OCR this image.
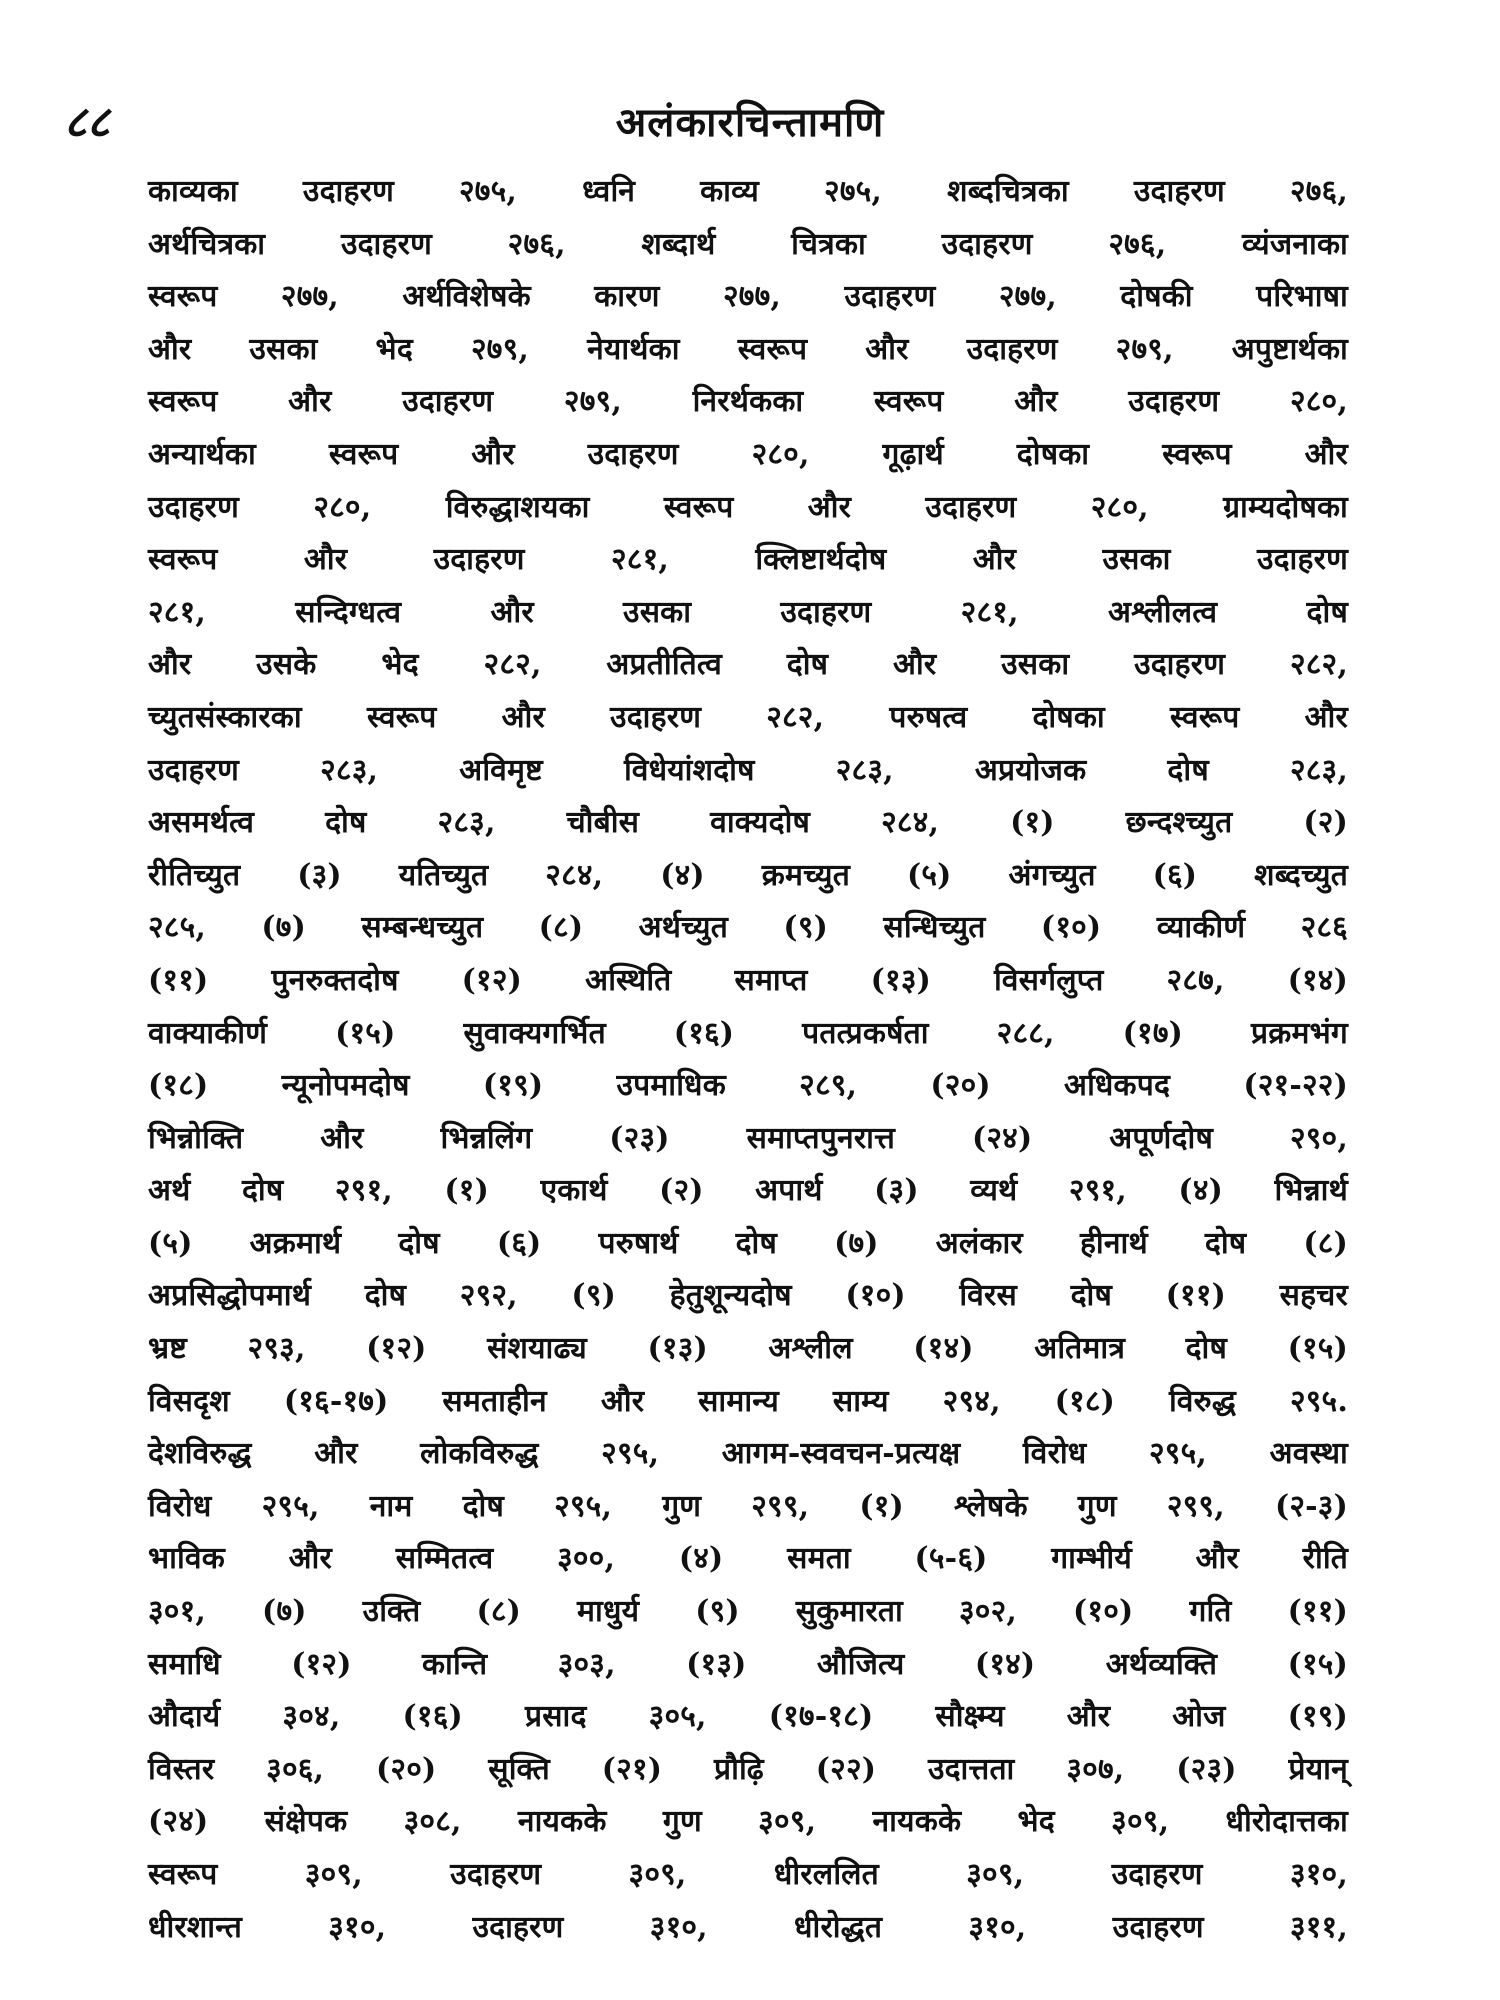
८८	अलंकारचिन्तामणि
काव्यका उदाहरण २७५, ध्वनि काव्य २७५, शब्दचित्रका उदाहरण २७६,
अर्थचित्रका उदाहरण २७६, शब्दार्थ चित्रका उदाहरण २७६, व्यंजनाका
स्वरूप २७७, अर्थविशेषके कारण २७७, उदाहरण २७७, दोषकी परिभाषा
और उसका भेद २७९, नेयार्थका स्वरूप और उदाहरण २७९, अपुष्टार्थका
स्वरूप और उदाहरण २७९, निरर्थकका स्वरूप और उदाहरण २८०,
अन्यार्थका स्वरूप और उदाहरण २८०, गूढ़ार्थ दोषका स्वरूप और
उदाहरण २८०, विरुद्धाशयका स्वरूप और उदाहरण २८०, ग्राम्यदोषका
स्वरूप और उदाहरण २८१, क्लिष्टार्थदोष और उसका उदाहरण
२८१, सन्दिग्धत्व और उसका उदाहरण २८१, अश्लीलत्व दोष
और उसके भेद २८२, अप्रतीतित्व दोष और उसका उदाहरण २८२,
च्युतसंस्कारका स्वरूप और उदाहरण २८२, परुषत्व दोषका स्वरूप और
उदाहरण २८३, अविमृष्ट विधेयांशदोष २८३, अप्रयोजक दोष २८३,
असमर्थत्व दोष २८३, चौबीस वाक्यदोष २८४, (१) छन्दश्च्युत (२)
रीतिच्युत (३) यतिच्युत २८४, (४) क्रमच्युत (५) अंगच्युत (६) शब्दच्युत
२८५, (७) सम्बन्धच्युत (८) अर्थच्युत (९) सन्धिच्युत (१०) व्याकीर्ण २८६
(११) पुनरुक्तदोष (१२) अस्थिति समाप्त (१३) विसर्गलुप्त २८७, (१४)
वाक्याकीर्ण (१५) सुवाक्यगर्भित (१६) पतत्प्रकर्षता २८८, (१७) प्रक्रमभंग
(१८) न्यूनोपमदोष (१९) उपमाधिक २८९, (२०) अधिकपद (२१-२२)
भिन्नोक्ति और भिन्नलिंग (२३) समाप्तपुनरात्त (२४) अपूर्णदोष २९०,
अर्थ दोष २९१, (१) एकार्थ (२) अपार्थ (३) व्यर्थ २९१, (४) भिन्नार्थ
(५) अक्रमार्थ दोष (६) परुषार्थ दोष (७) अलंकार हीनार्थ दोष (८)
अप्रसिद्धोपमार्थ दोष २९२, (९) हेतुशून्यदोष (१०) विरस दोष (११) सहचर
भ्रष्ट २९३, (१२) संशयाढ्य (१३) अश्लील (१४) अतिमात्र दोष (१५)
विसदृश (१६-१७) समताहीन और सामान्य साम्य २९४, (१८) विरुद्ध २९५.
देशविरुद्ध और लोकविरुद्ध २९५, आगम-स्ववचन-प्रत्यक्ष विरोध २९५, अवस्था
विरोध २९५, नाम दोष २९५, गुण २९९, (१) श्लेषके गुण २९९, (२-३)
भाविक और सम्मितत्व ३००, (४) समता (५-६) गाम्भीर्य और रीति
३०१, (७) उक्ति (८) माधुर्य (९) सुकुमारता ३०२, (१०) गति (११)
समाधि (१२) कान्ति ३०३, (१३) औजित्य (१४) अर्थव्यक्ति (१५)
औदार्य ३०४, (१६) प्रसाद ३०५, (१७-१८) सौक्ष्म्य और ओज (१९)
विस्तर ३०६, (२०) सूक्ति (२१) प्रौढ़ि (२२) उदात्तता ३०७, (२३) प्रेयान्
(२४) संक्षेपक ३०८, नायकके गुण ३०९, नायकके भेद ३०९, धीरोदात्तका
स्वरूप ३०९, उदाहरण ३०९, धीरललित ३०९, उदाहरण ३१०,
धीरशान्त ३१०, उदाहरण ३१०, धीरोद्धत ३१०, उदाहरण ३११,
